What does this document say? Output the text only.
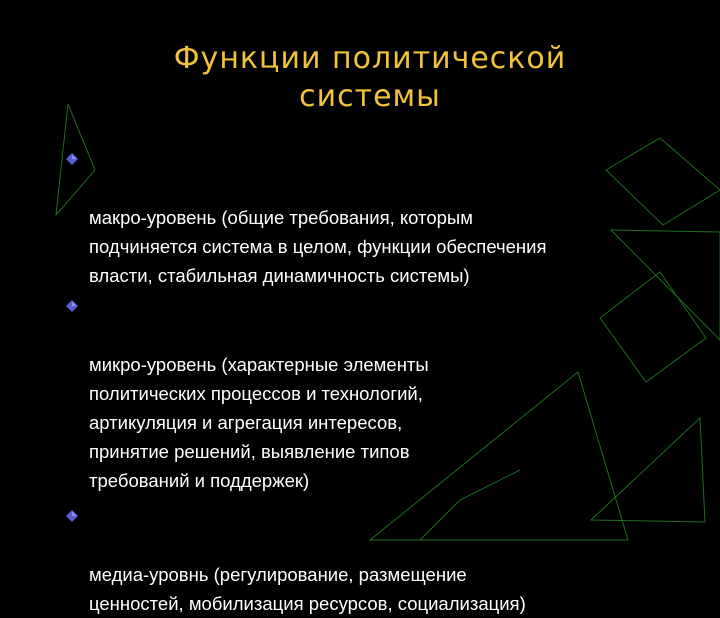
Функции политической
системы

макро-уровень (общие требования, которым
подчиняется система в целом, функции обеспечения
власти, стабильная динамичность системы)

микро-уровень (характерные элементы
политических процессов и технологий,
артикуляция и агрегация интересов,
принятие решений, выявление типов
требований и поддержек)

медиа-уровнь (регулирование, размещение
ценностей, мобилизация ресурсов, социализация)
